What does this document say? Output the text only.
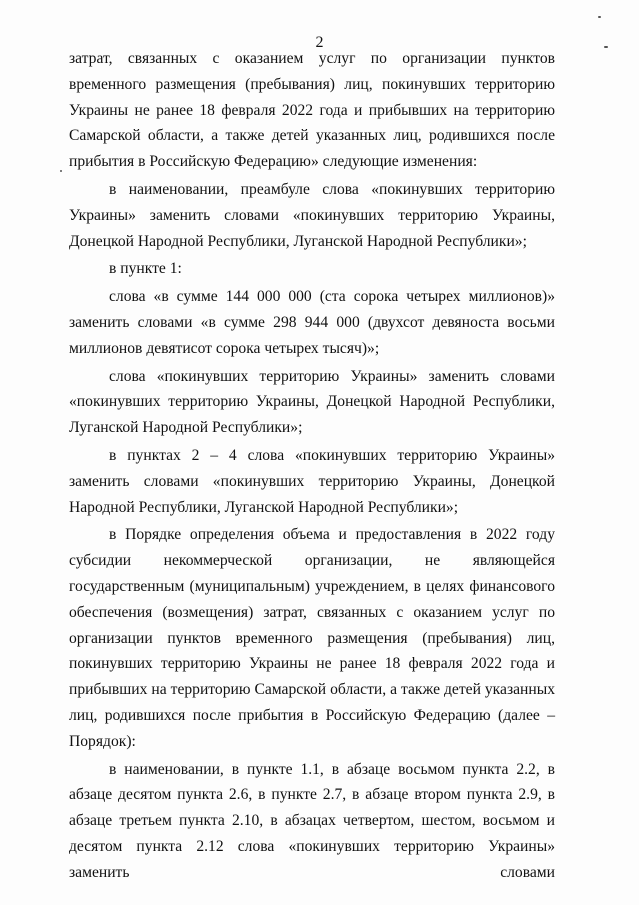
2

затрат, связанных с оказанием услуг по организации пунктов временного размещения (пребывания) лиц, покинувших территорию Украины не ранее 18 февраля 2022 года и прибывших на территорию Самарской области, а также детей указанных лиц, родившихся после прибытия в Российскую Федерацию» следующие изменения:

в наименовании, преамбуле слова «покинувших территорию Украины» заменить словами «покинувших территорию Украины, Донецкой Народной Республики, Луганской Народной Республики»;

в пункте 1:

слова «в сумме 144 000 000 (ста сорока четырех миллионов)» заменить словами «в сумме 298 944 000 (двухсот девяноста восьми миллионов девятисот сорока четырех тысяч)»;

слова «покинувших территорию Украины» заменить словами «покинувших территорию Украины, Донецкой Народной Республики, Луганской Народной Республики»;

в пунктах 2 – 4 слова «покинувших территорию Украины» заменить словами «покинувших территорию Украины, Донецкой Народной Республики, Луганской Народной Республики»;

в Порядке определения объема и предоставления в 2022 году субсидии некоммерческой организации, не являющейся государственным (муниципальным) учреждением, в целях финансового обеспечения (возмещения) затрат, связанных с оказанием услуг по организации пунктов временного размещения (пребывания) лиц, покинувших территорию Украины не ранее 18 февраля 2022 года и прибывших на территорию Самарской области, а также детей указанных лиц, родившихся после прибытия в Российскую Федерацию (далее – Порядок):

в наименовании, в пункте 1.1, в абзаце восьмом пункта 2.2, в абзаце десятом пункта 2.6, в пункте 2.7, в абзаце втором пункта 2.9, в абзаце третьем пункта 2.10, в абзацах четвертом, шестом, восьмом и десятом пункта 2.12 слова «покинувших территорию Украины» заменить словами
